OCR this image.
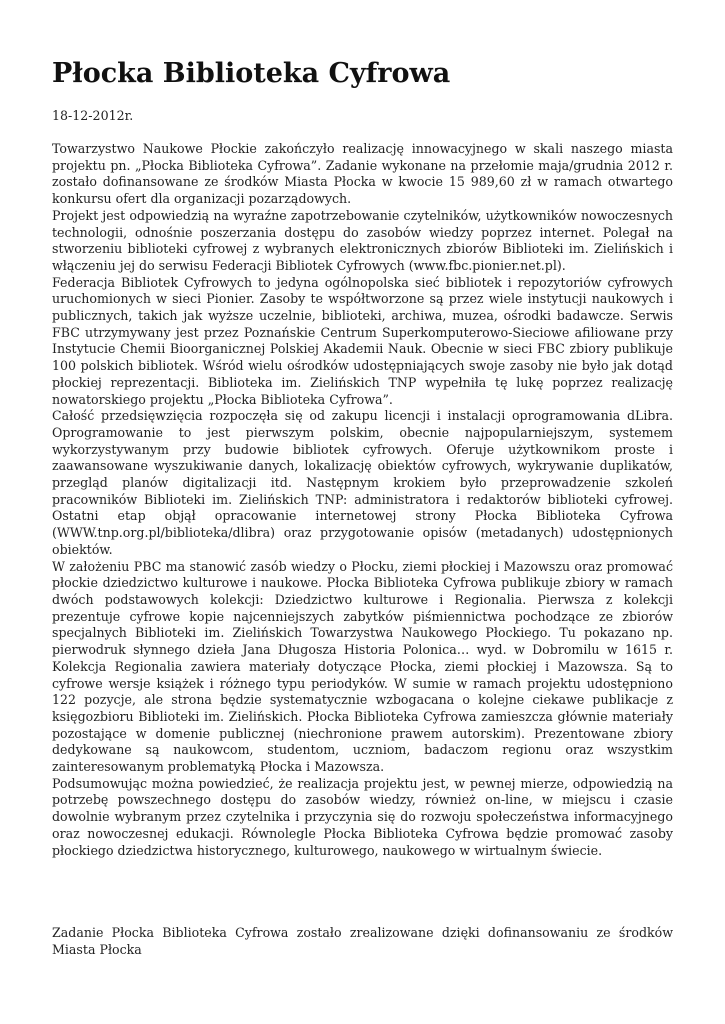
Płocka Biblioteka Cyfrowa

18-12-2012r.

Towarzystwo Naukowe Płockie zakończyło realizację innowacyjnego w skali naszego miasta projektu pn. „Płocka Biblioteka Cyfrowa”. Zadanie wykonane na przełomie maja/grudnia 2012 r. zostało dofinansowane ze środków Miasta Płocka w kwocie 15 989,60 zł w ramach otwartego konkursu ofert dla organizacji pozarządowych.

Projekt jest odpowiedzią na wyraźne zapotrzebowanie czytelników, użytkowników nowoczesnych technologii, odnośnie poszerzania dostępu do zasobów wiedzy poprzez internet. Polegał na stworzeniu biblioteki cyfrowej z wybranych elektronicznych zbiorów Biblioteki im. Zielińskich i włączeniu jej do serwisu Federacji Bibliotek Cyfrowych (www.fbc.pionier.net.pl).

Federacja Bibliotek Cyfrowych to jedyna ogólnopolska sieć bibliotek i repozytoriów cyfrowych uruchomionych w sieci Pionier. Zasoby te współtworzone są przez wiele instytucji naukowych i publicznych, takich jak wyższe uczelnie, biblioteki, archiwa, muzea, ośrodki badawcze. Serwis FBC utrzymywany jest przez Poznańskie Centrum Superkomputerowo-Sieciowe afiliowane przy Instytucie Chemii Bioorganicznej Polskiej Akademii Nauk. Obecnie w sieci FBC zbiory publikuje 100 polskich bibliotek. Wśród wielu ośrodków udostępniających swoje zasoby nie było jak dotąd płockiej reprezentacji. Biblioteka im. Zielińskich TNP wypełniła tę lukę poprzez realizację nowatorskiego projektu „Płocka Biblioteka Cyfrowa”.

Całość przedsięwzięcia rozpoczęła się od zakupu licencji i instalacji oprogramowania dLibra. Oprogramowanie to jest pierwszym polskim, obecnie najpopularniejszym, systemem wykorzystywanym przy budowie bibliotek cyfrowych. Oferuje użytkownikom proste i zaawansowane wyszukiwanie danych, lokalizację obiektów cyfrowych, wykrywanie duplikatów, przegląd planów digitalizacji itd. Następnym krokiem było przeprowadzenie szkoleń pracowników Biblioteki im. Zielińskich TNP: administratora i redaktorów biblioteki cyfrowej. Ostatni etap objął opracowanie internetowej strony Płocka Biblioteka Cyfrowa (WWW.tnp.org.pl/biblioteka/dlibra) oraz przygotowanie opisów (metadanych) udostępnionych obiektów.

W założeniu PBC ma stanowić zasób wiedzy o Płocku, ziemi płockiej i Mazowszu oraz promować płockie dziedzictwo kulturowe i naukowe. Płocka Biblioteka Cyfrowa publikuje zbiory w ramach dwóch podstawowych kolekcji: Dziedzictwo kulturowe i Regionalia. Pierwsza z kolekcji prezentuje cyfrowe kopie najcenniejszych zabytków piśmiennictwa pochodzące ze zbiorów specjalnych Biblioteki im. Zielińskich Towarzystwa Naukowego Płockiego. Tu pokazano np. pierwodruk słynnego dzieła Jana Długosza Historia Polonica… wyd. w Dobromilu w 1615 r. Kolekcja Regionalia zawiera materiały dotyczące Płocka, ziemi płockiej i Mazowsza. Są to cyfrowe wersje książek i różnego typu periodyków. W sumie w ramach projektu udostępniono 122 pozycje, ale strona będzie systematycznie wzbogacana o kolejne ciekawe publikacje z księgozbioru Biblioteki im. Zielińskich. Płocka Biblioteka Cyfrowa zamieszcza głównie materiały pozostające w domenie publicznej (niechronione prawem autorskim). Prezentowane zbiory dedykowane są naukowcom, studentom, uczniom, badaczom regionu oraz wszystkim zainteresowanym problematyką Płocka i Mazowsza.

Podsumowując można powiedzieć, że realizacja projektu jest, w pewnej mierze, odpowiedzią na potrzebę powszechnego dostępu do zasobów wiedzy, również on-line, w miejscu i czasie dowolnie wybranym przez czytelnika i przyczynia się do rozwoju społeczeństwa informacyjnego oraz nowoczesnej edukacji. Równolegle Płocka Biblioteka Cyfrowa będzie promować zasoby płockiego dziedzictwa historycznego, kulturowego, naukowego w wirtualnym świecie.

Zadanie Płocka Biblioteka Cyfrowa zostało zrealizowane dzięki dofinansowaniu ze środków Miasta Płocka
